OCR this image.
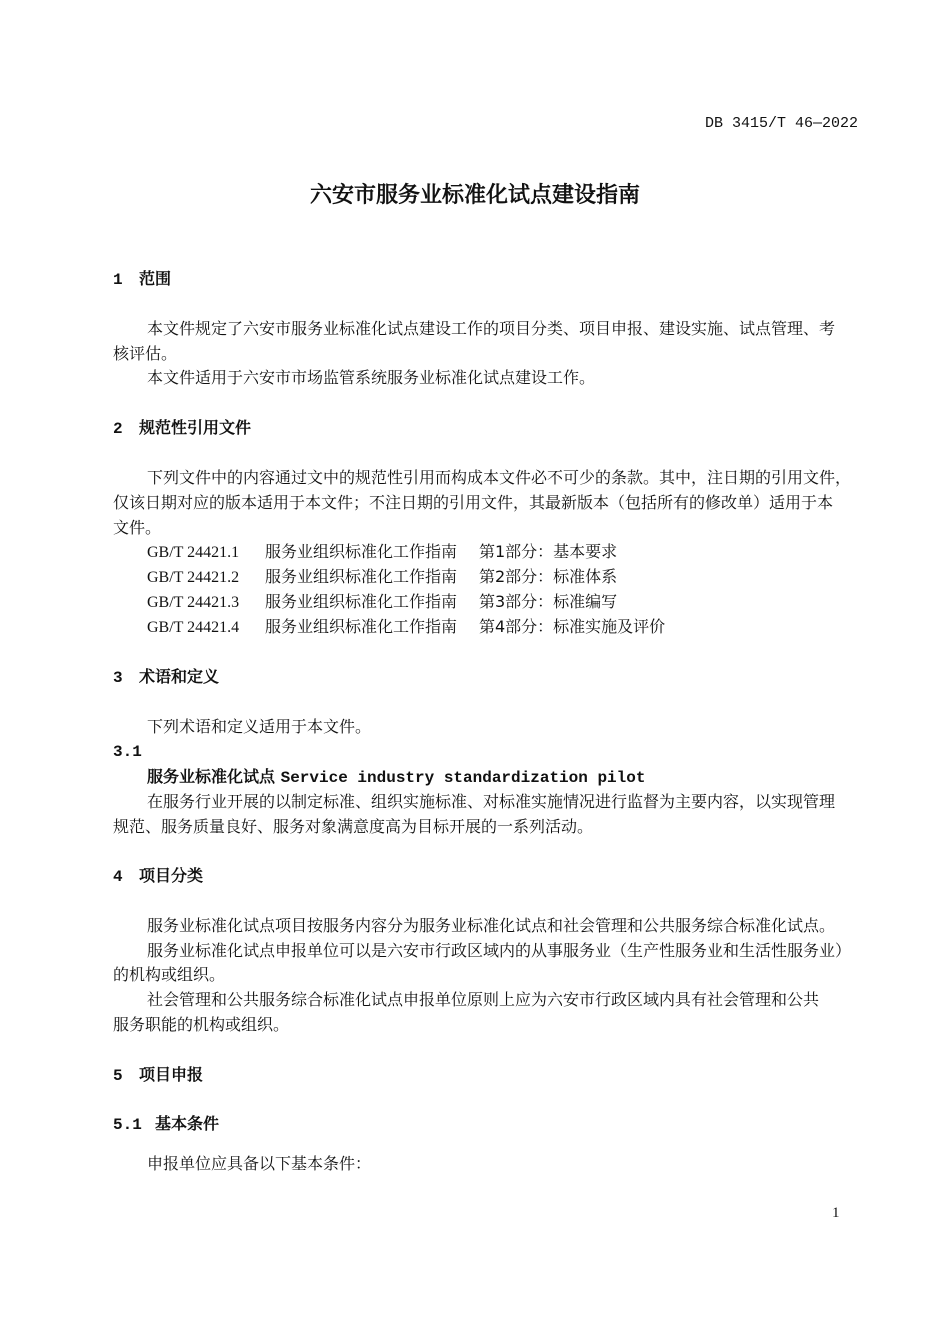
DB 3415/T 46—2022
六安市服务业标准化试点建设指南
1 范围
本文件规定了六安市服务业标准化试点建设工作的项目分类、项目申报、建设实施、试点管理、考
核评估。
本文件适用于六安市市场监管系统服务业标准化试点建设工作。
2 规范性引用文件
下列文件中的内容通过文中的规范性引用而构成本文件必不可少的条款。其中，注日期的引用文件，
仅该日期对应的版本适用于本文件；不注日期的引用文件，其最新版本（包括所有的修改单）适用于本
文件。
GB/T 24421.1 服务业组织标准化工作指南 第1部分：基本要求
GB/T 24421.2 服务业组织标准化工作指南 第2部分：标准体系
GB/T 24421.3 服务业组织标准化工作指南 第3部分：标准编写
GB/T 24421.4 服务业组织标准化工作指南 第4部分：标准实施及评价
3 术语和定义
下列术语和定义适用于本文件。
3.1
服务业标准化试点 Service industry standardization pilot
在服务行业开展的以制定标准、组织实施标准、对标准实施情况进行监督为主要内容，以实现管理
规范、服务质量良好、服务对象满意度高为目标开展的一系列活动。
4 项目分类
服务业标准化试点项目按服务内容分为服务业标准化试点和社会管理和公共服务综合标准化试点。
服务业标准化试点申报单位可以是六安市行政区域内的从事服务业（生产性服务业和生活性服务业）
的机构或组织。
社会管理和公共服务综合标准化试点申报单位原则上应为六安市行政区域内具有社会管理和公共
服务职能的机构或组织。
5 项目申报
5.1 基本条件
申报单位应具备以下基本条件：
1
